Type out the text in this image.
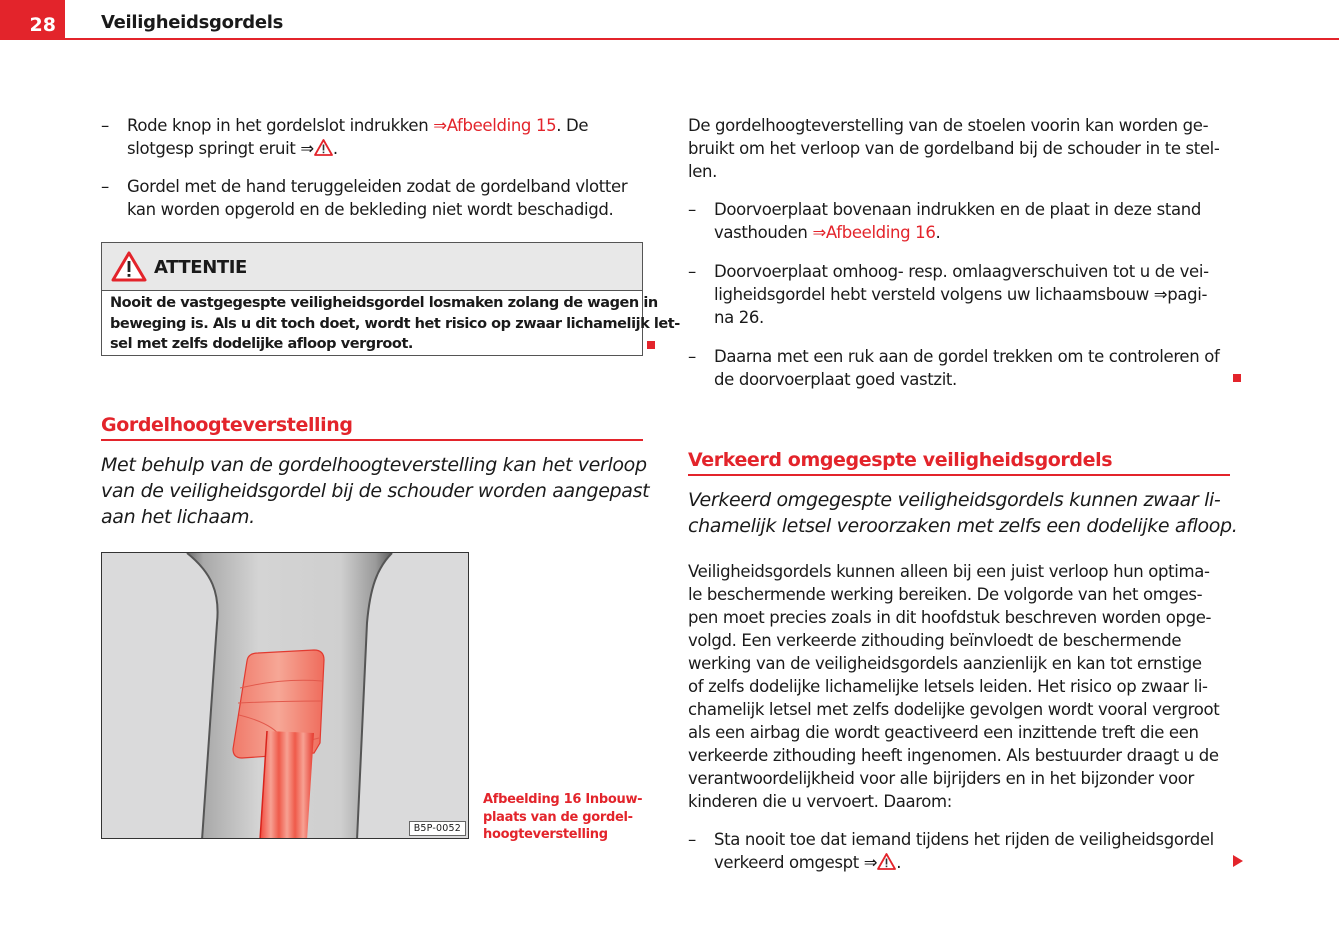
28	Veiligheidsgordels
– Rode knop in het gordelslot indrukken ⇒Afbeelding 15. De
slotgesp springt eruit ⇒ .
– Gordel met de hand teruggeleiden zodat de gordelband vlotter
kan worden opgerold en de bekleding niet wordt beschadigd.
ATTENTIE
Nooit de vastgegespte veiligheidsgordel losmaken zolang de wagen in
beweging is. Als u dit toch doet, wordt het risico op zwaar lichamelijk let-
sel met zelfs dodelijke afloop vergroot.
Gordelhoogteverstelling
Met behulp van de gordelhoogteverstelling kan het verloop
van de veiligheidsgordel bij de schouder worden aangepast
aan het lichaam.
B5P-0052
Afbeelding 16 Inbouw-
plaats van de gordel-
hoogteverstelling
De gordelhoogteverstelling van de stoelen voorin kan worden ge-
bruikt om het verloop van de gordelband bij de schouder in te stel-
len.
– Doorvoerplaat bovenaan indrukken en de plaat in deze stand
vasthouden ⇒Afbeelding 16.
– Doorvoerplaat omhoog- resp. omlaagverschuiven tot u de vei-
ligheidsgordel hebt versteld volgens uw lichaamsbouw ⇒pagi-
na 26.
– Daarna met een ruk aan de gordel trekken om te controleren of
de doorvoerplaat goed vastzit.
Verkeerd omgegespte veiligheidsgordels
Verkeerd omgegespte veiligheidsgordels kunnen zwaar li-
chamelijk letsel veroorzaken met zelfs een dodelijke afloop.
Veiligheidsgordels kunnen alleen bij een juist verloop hun optima-
le beschermende werking bereiken. De volgorde van het omges-
pen moet precies zoals in dit hoofdstuk beschreven worden opge-
volgd. Een verkeerde zithouding beïnvloedt de beschermende
werking van de veiligheidsgordels aanzienlijk en kan tot ernstige
of zelfs dodelijke lichamelijke letsels leiden. Het risico op zwaar li-
chamelijk letsel met zelfs dodelijke gevolgen wordt vooral vergroot
als een airbag die wordt geactiveerd een inzittende treft die een
verkeerde zithouding heeft ingenomen. Als bestuurder draagt u de
verantwoordelijkheid voor alle bijrijders en in het bijzonder voor
kinderen die u vervoert. Daarom:
– Sta nooit toe dat iemand tijdens het rijden de veiligheidsgordel
verkeerd omgespt ⇒ .
